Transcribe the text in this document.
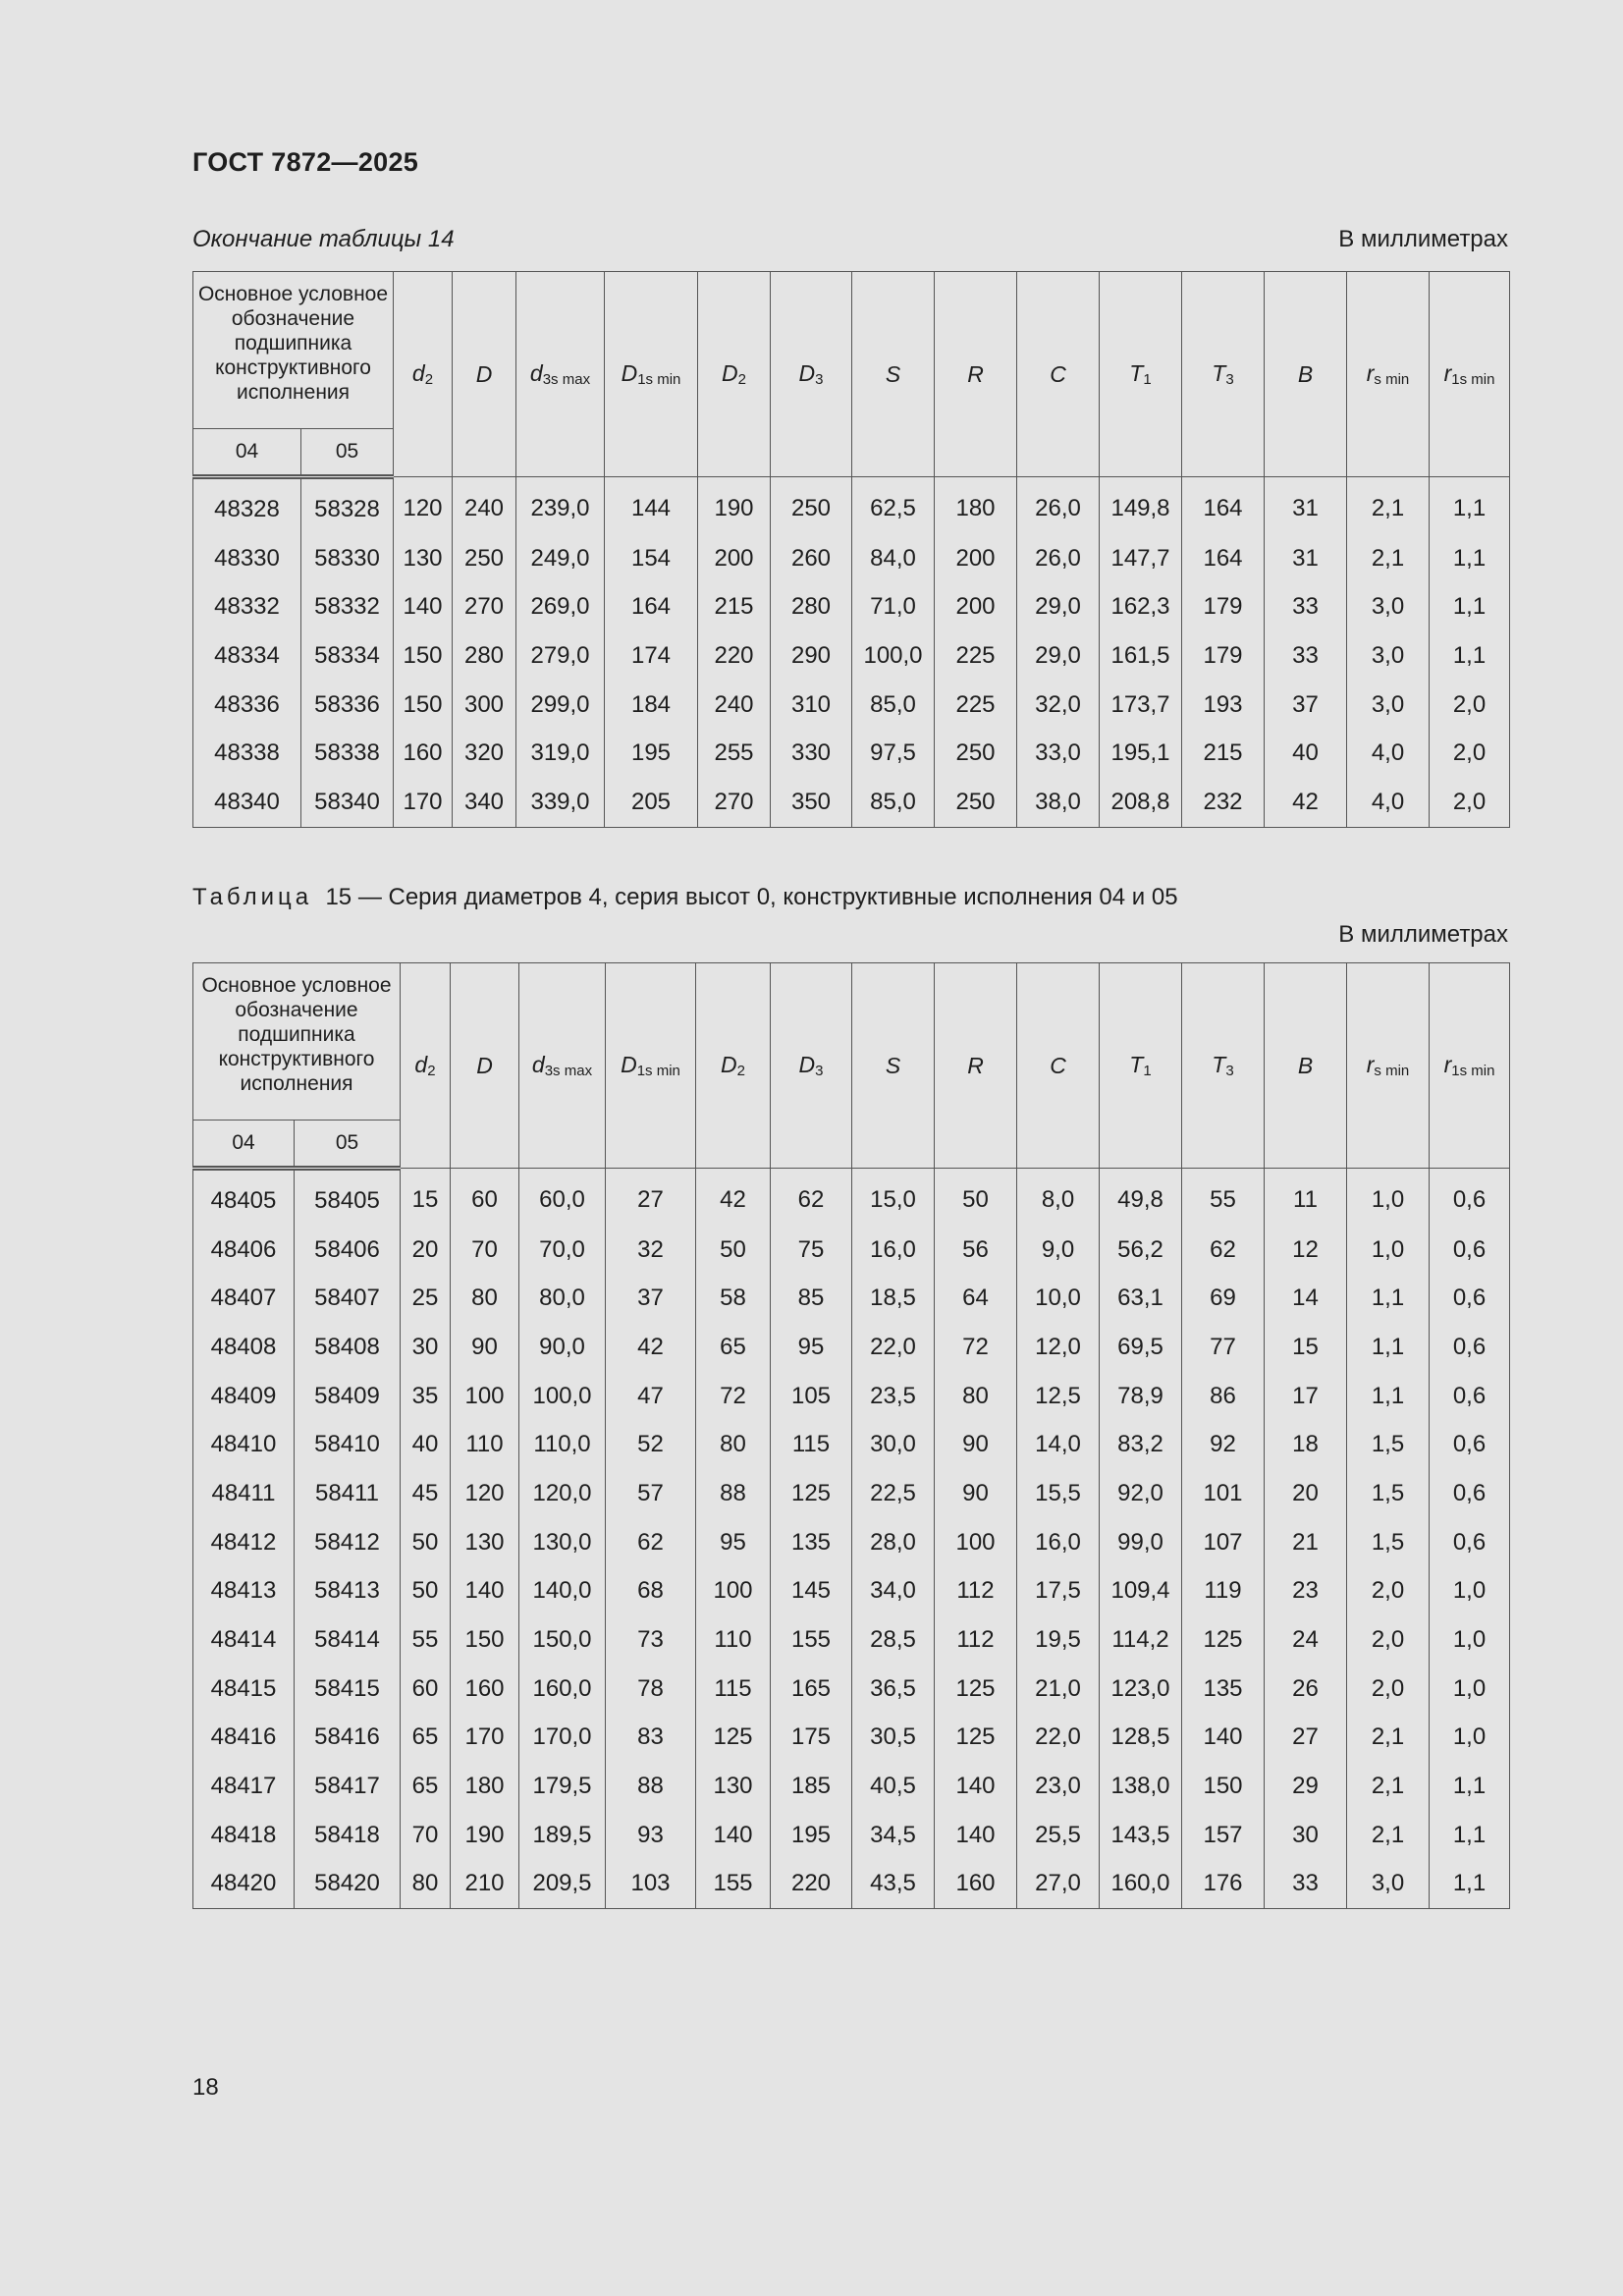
ГОСТ 7872—2025
Окончание таблицы 14	В миллиметрах
Основное условное обозначение подшипника конструктивного исполнения		$d_2$	D	$d_{3s max}$	$D_{1s min}$	$D_2$	$D_3$	S	R	C	$T_1$	$T_3$	B	$r_{s min}$	$r_{1s min}$
04	05														
48328	58328	120	240	239,0	144	190	250	62,5	180	26,0	149,8	164	31	2,1	1,1
48330	58330	130	250	249,0	154	200	260	84,0	200	26,0	147,7	164	31	2,1	1,1
48332	58332	140	270	269,0	164	215	280	71,0	200	29,0	162,3	179	33	3,0	1,1
48334	58334	150	280	279,0	174	220	290	100,0	225	29,0	161,5	179	33	3,0	1,1
48336	58336	150	300	299,0	184	240	310	85,0	225	32,0	173,7	193	37	3,0	2,0
48338	58338	160	320	319,0	195	255	330	97,5	250	33,0	195,1	215	40	4,0	2,0
48340	58340	170	340	339,0	205	270	350	85,0	250	38,0	208,8	232	42	4,0	2,0
Таблица 15 — Серия диаметров 4, серия высот 0, конструктивные исполнения 04 и 05
В миллиметрах
Основное условное обозначение подшипника конструктивного исполнения		$d_2$	D	$d_{3s max}$	$D_{1s min}$	$D_2$	$D_3$	S	R	C	$T_1$	$T_3$	B	$r_{s min}$	$r_{1s min}$
04	05														
48405	58405	15	60	60,0	27	42	62	15,0	50	8,0	49,8	55	11	1,0	0,6
48406	58406	20	70	70,0	32	50	75	16,0	56	9,0	56,2	62	12	1,0	0,6
48407	58407	25	80	80,0	37	58	85	18,5	64	10,0	63,1	69	14	1,1	0,6
48408	58408	30	90	90,0	42	65	95	22,0	72	12,0	69,5	77	15	1,1	0,6
48409	58409	35	100	100,0	47	72	105	23,5	80	12,5	78,9	86	17	1,1	0,6
48410	58410	40	110	110,0	52	80	115	30,0	90	14,0	83,2	92	18	1,5	0,6
48411	58411	45	120	120,0	57	88	125	22,5	90	15,5	92,0	101	20	1,5	0,6
48412	58412	50	130	130,0	62	95	135	28,0	100	16,0	99,0	107	21	1,5	0,6
48413	58413	50	140	140,0	68	100	145	34,0	112	17,5	109,4	119	23	2,0	1,0
48414	58414	55	150	150,0	73	110	155	28,5	112	19,5	114,2	125	24	2,0	1,0
48415	58415	60	160	160,0	78	115	165	36,5	125	21,0	123,0	135	26	2,0	1,0
48416	58416	65	170	170,0	83	125	175	30,5	125	22,0	128,5	140	27	2,1	1,0
48417	58417	65	180	179,5	88	130	185	40,5	140	23,0	138,0	150	29	2,1	1,1
48418	58418	70	190	189,5	93	140	195	34,5	140	25,5	143,5	157	30	2,1	1,1
48420	58420	80	210	209,5	103	155	220	43,5	160	27,0	160,0	176	33	3,0	1,1
18
